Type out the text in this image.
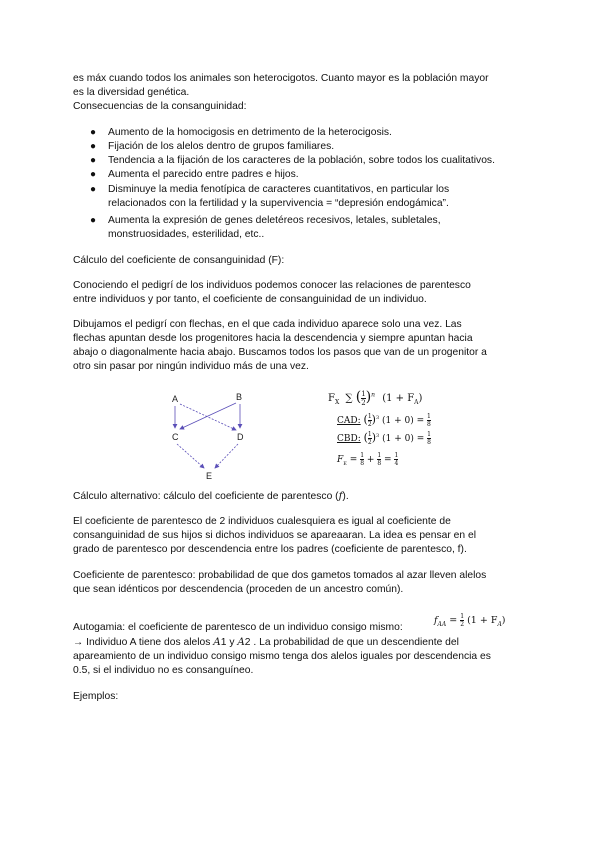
es máx cuando todos los animales son heterocigotos. Cuanto mayor es la población mayor
es la diversidad genética.
Consecuencias de la consanguinidad:
● Aumento de la homocigosis en detrimento de la heterocigosis.
● Fijación de los alelos dentro de grupos familiares.
● Tendencia a la fijación de los caracteres de la población, sobre todos los cualitativos.
● Aumenta el parecido entre padres e hijos.
● Disminuye la media fenotípica de caracteres cuantitativos, en particular los
relacionados con la fertilidad y la supervivencia = “depresión endogámica”.
● Aumenta la expresión de genes deletéreos recesivos, letales, subletales,
monstruosidades, esterilidad, etc..
Cálculo del coeficiente de consanguinidad (F):
Conociendo el pedigrí de los individuos podemos conocer las relaciones de parentesco
entre individuos y por tanto, el coeficiente de consanguinidad de un individuo.
Dibujamos el pedigrí con flechas, en el que cada individuo aparece solo una vez. Las
flechas apuntan desde los progenitores hacia la descendencia y siempre apuntan hacia
abajo o diagonalmente hacia abajo. Buscamos todos los pasos que van de un progenitor a
otro sin pasar por ningún individuo más de una vez.
A	B
C	D
E
$F_X$ ∑ ( $\frac{1}{2} )^n$ $(1 + F_A)$
CAD: ( $\frac{1}{2} )^3$ $(1 + 0) = \frac{1}{8}$
CBD: ( $\frac{1}{2} )^3$ $(1 + 0) = \frac{1}{8}$
$F_E = \frac{1}{8} + \frac{1}{8} = \frac{1}{4}$
Cálculo alternativo: cálculo del coeficiente de parentesco (f).
El coeficiente de parentesco de 2 individuos cualesquiera es igual al coeficiente de
consanguinidad de sus hijos si dichos individuos se apareaaran. La idea es pensar en el
grado de parentesco por descendencia entre los padres (coeficiente de parentesco, f).
Coeficiente de parentesco: probabilidad de que dos gametos tomados al azar lleven alelos
que sean idénticos por descendencia (proceden de un ancestro común).
Autogamia: el coeficiente de parentesco de un individuo consigo mismo:
$f_{AA} = \frac{1}{2} (1 + F_A)$
→ Individuo A tiene dos alelos A1 y A2 . La probabilidad de que un descendiente del
apareamiento de un individuo consigo mismo tenga dos alelos iguales por descendencia es
0.5, si el individuo no es consanguíneo.
Ejemplos:
